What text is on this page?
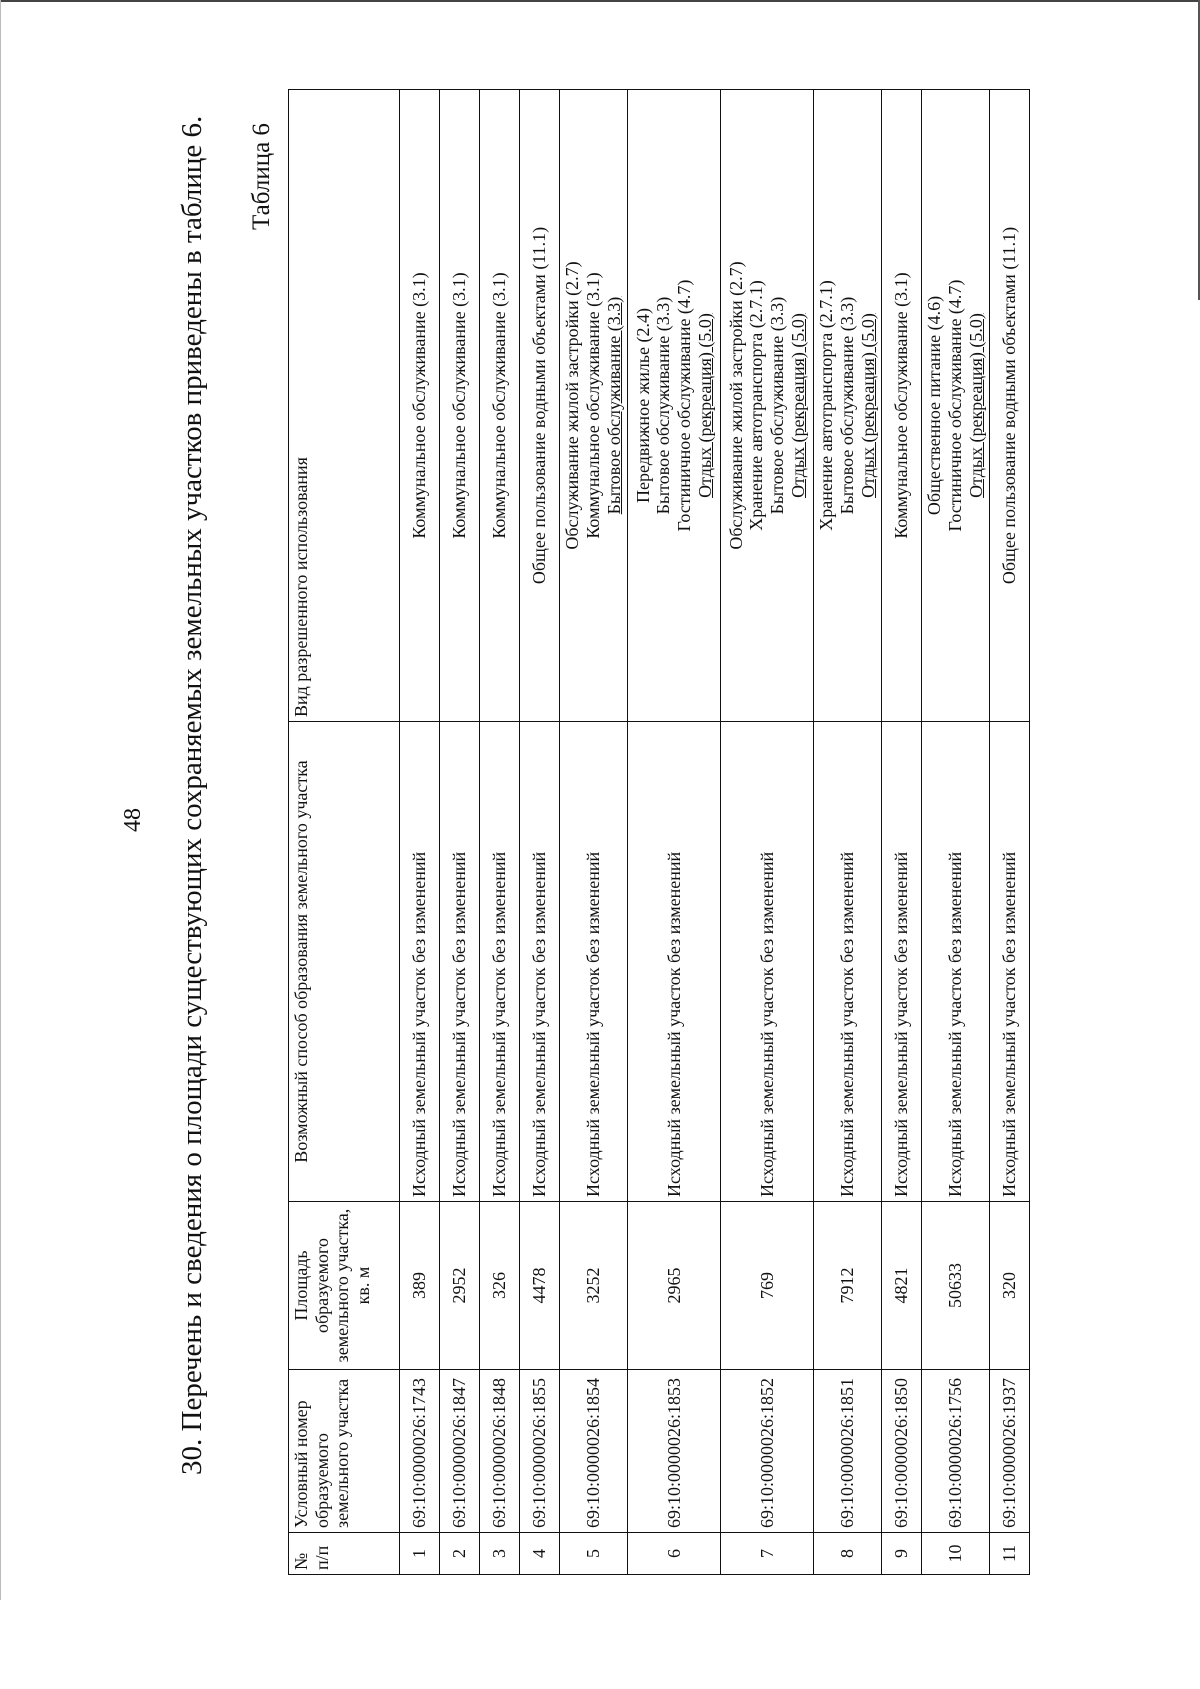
48 30. Перечень и сведения о площади существующих сохраняемых земельных участков приведены в таблице 6. Таблица 6
№ п/п	Условный номер образуемого земельного участка	Площадь образуемого земельного участка, кв. м	Возможный способ образования земельного участка	Вид разрешенного использования
1	69:10:0000026:1743	389	Исходный земельный участок без изменений	Коммунальное обслуживание (3.1)

2	69:10:0000026:1847	2952	Исходный земельный участок без изменений	Коммунальное обслуживание (3.1)

3	69:10:0000026:1848	326	Исходный земельный участок без изменений	Коммунальное обслуживание (3.1)

4	69:10:0000026:1855	4478	Исходный земельный участок без изменений	Общее пользование водными объектами (11.1)

5	69:10:0000026:1854	3252	Исходный земельный участок без изменений	Обслуживание жилой застройки (2.7) Коммунальное обслуживание (3.1) Бытовое обслуживание (3.3)

6	69:10:0000026:1853	2965	Исходный земельный участок без изменений	Передвижное жилье (2.4) Бытовое обслуживание (3.3) Гостиничное обслуживание (4.7) Отдых (рекреация) (5.0)

7	69:10:0000026:1852	769	Исходный земельный участок без изменений	Обслуживание жилой застройки (2.7) Хранение автотранспорта (2.7.1) Бытовое обслуживание (3.3) Отдых (рекреация) (5.0)

8	69:10:0000026:1851	7912	Исходный земельный участок без изменений	Хранение автотранспорта (2.7.1) Бытовое обслуживание (3.3) Отдых (рекреация) (5.0)

9	69:10:0000026:1850	4821	Исходный земельный участок без изменений	Коммунальное обслуживание (3.1)

10	69:10:0000026:1756	50633	Исходный земельный участок без изменений	Общественное питание (4.6) Гостиничное обслуживание (4.7) Отдых (рекреация) (5.0)

11	69:10:0000026:1937	320	Исходный земельный участок без изменений	Общее пользование водными объектами (11.1)
